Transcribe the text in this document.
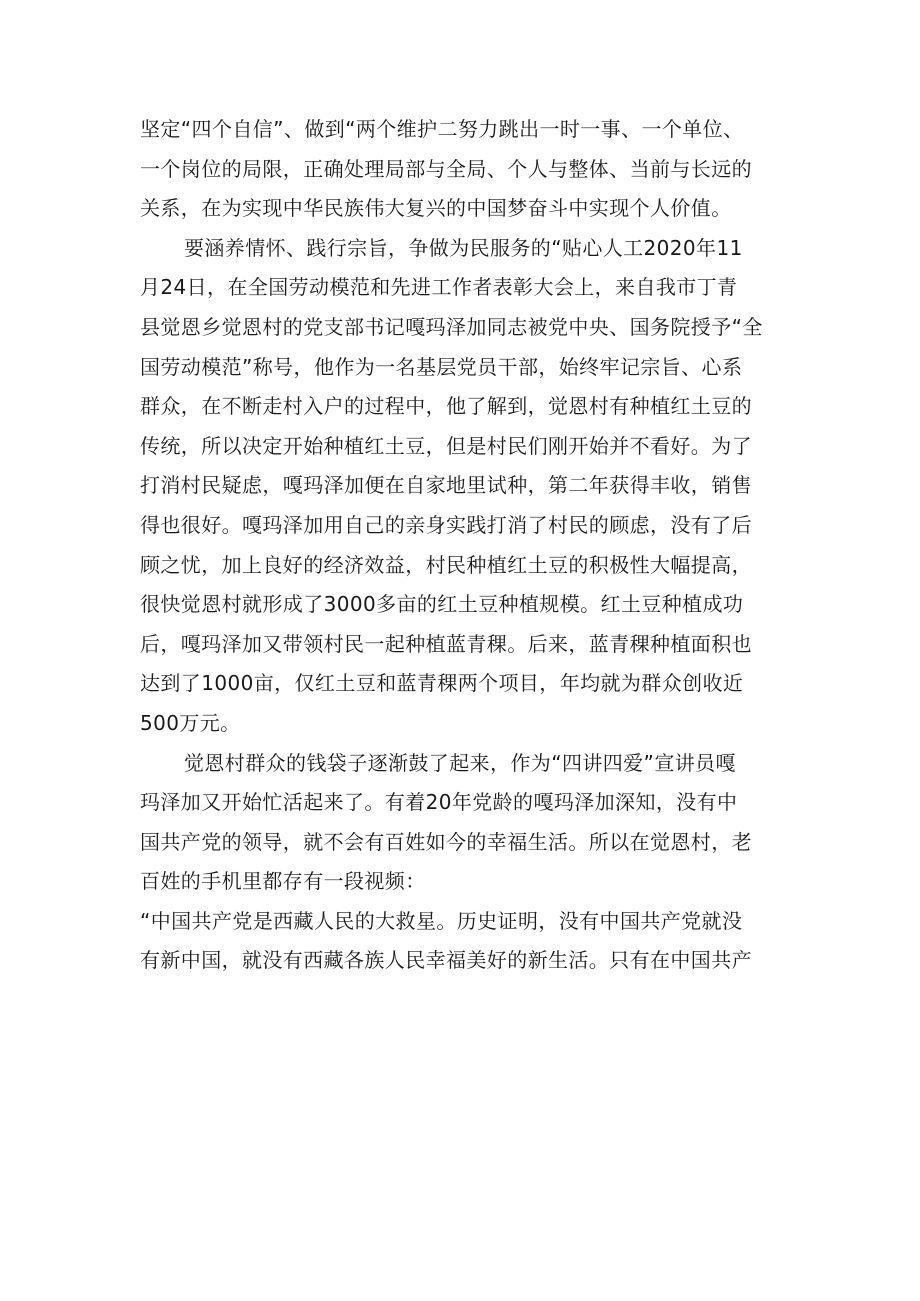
坚定“四个自信”、做到“两个维护二努力跳出一时一事、一个单位、

一个岗位的局限，正确处理局部与全局、个人与整体、当前与长远的

关系，在为实现中华民族伟大复兴的中国梦奋斗中实现个人价值。

要涵养情怀、践行宗旨，争做为民服务的“贴心人工2020年11

月24日，在全国劳动模范和先进工作者表彰大会上，来自我市丁青

县觉恩乡觉恩村的党支部书记嘎玛泽加同志被党中央、国务院授予“全

国劳动模范”称号，他作为一名基层党员干部，始终牢记宗旨、心系

群众，在不断走村入户的过程中，他了解到，觉恩村有种植红土豆的

传统，所以决定开始种植红土豆，但是村民们刚开始并不看好。为了

打消村民疑虑，嘎玛泽加便在自家地里试种，第二年获得丰收，销售

得也很好。嘎玛泽加用自己的亲身实践打消了村民的顾虑，没有了后

顾之忧，加上良好的经济效益，村民种植红土豆的积极性大幅提高，

很快觉恩村就形成了3000多亩的红土豆种植规模。红土豆种植成功

后，嘎玛泽加又带领村民一起种植蓝青稞。后来，蓝青稞种植面积也

达到了1000亩，仅红土豆和蓝青稞两个项目，年均就为群众创收近

500万元。

觉恩村群众的钱袋子逐渐鼓了起来，作为“四讲四爱”宣讲员嘎

玛泽加又开始忙活起来了。有着20年党龄的嘎玛泽加深知，没有中

国共产党的领导，就不会有百姓如今的幸福生活。所以在觉恩村，老

百姓的手机里都存有一段视频：

“中国共产党是西藏人民的大救星。历史证明，没有中国共产党就没

有新中国，就没有西藏各族人民幸福美好的新生活。只有在中国共产
